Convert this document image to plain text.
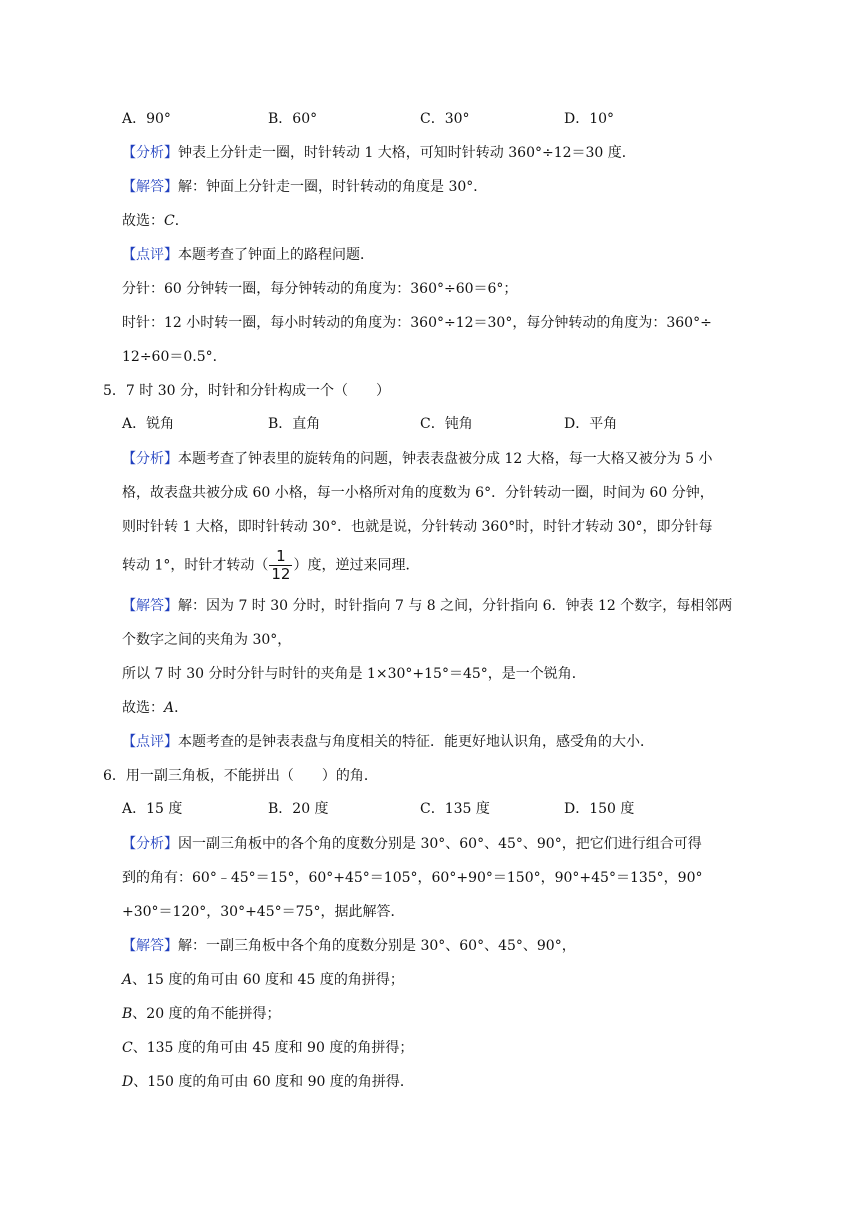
A．90°	B．60°	C．30°	D．10°
【分析】钟表上分针走一圈，时针转动 1 大格，可知时针转动 360°÷12＝30 度．
【解答】解：钟面上分针走一圈，时针转动的角度是 30°．
故选：C．
【点评】本题考查了钟面上的路程问题．
分针：60 分钟转一圈，每分钟转动的角度为：360°÷60＝6°；
时针：12 小时转一圈，每小时转动的角度为：360°÷12＝30°，每分钟转动的角度为：360°÷
12÷60＝0.5°．
5．7 时 30 分，时针和分针构成一个（　　）
A．锐角	B．直角	C．钝角	D．平角
【分析】本题考查了钟表里的旋转角的问题，钟表表盘被分成 12 大格，每一大格又被分为 5 小
格，故表盘共被分成 60 小格，每一小格所对角的度数为 6°．分针转动一圈，时间为 60 分钟，
则时针转 1 大格，即时针转动 30°．也就是说，分针转动 360°时，时针才转动 30°，即分针每
转动 1°，时针才转动（ $\frac{1}{12}$ ）度，逆过来同理．
【解答】解：因为 7 时 30 分时，时针指向 7 与 8 之间，分针指向 6．钟表 12 个数字，每相邻两
个数字之间的夹角为 30°，
所以 7 时 30 分时分针与时针的夹角是 1×30°+15°＝45°，是一个锐角．
故选：A．
【点评】本题考查的是钟表表盘与角度相关的特征．能更好地认识角，感受角的大小．
6．用一副三角板，不能拼出（　　）的角．
A．15 度	B．20 度	C．135 度	D．150 度
【分析】因一副三角板中的各个角的度数分别是 30°、60°、45°、90°，把它们进行组合可得
到的角有：60°﹣45°＝15°，60°+45°＝105°，60°+90°＝150°，90°+45°＝135°，90°
+30°＝120°，30°+45°＝75°，据此解答．
【解答】解：一副三角板中各个角的度数分别是 30°、60°、45°、90°，
A、15 度的角可由 60 度和 45 度的角拼得；
B、20 度的角不能拼得；
C、135 度的角可由 45 度和 90 度的角拼得；
D、150 度的角可由 60 度和 90 度的角拼得．
